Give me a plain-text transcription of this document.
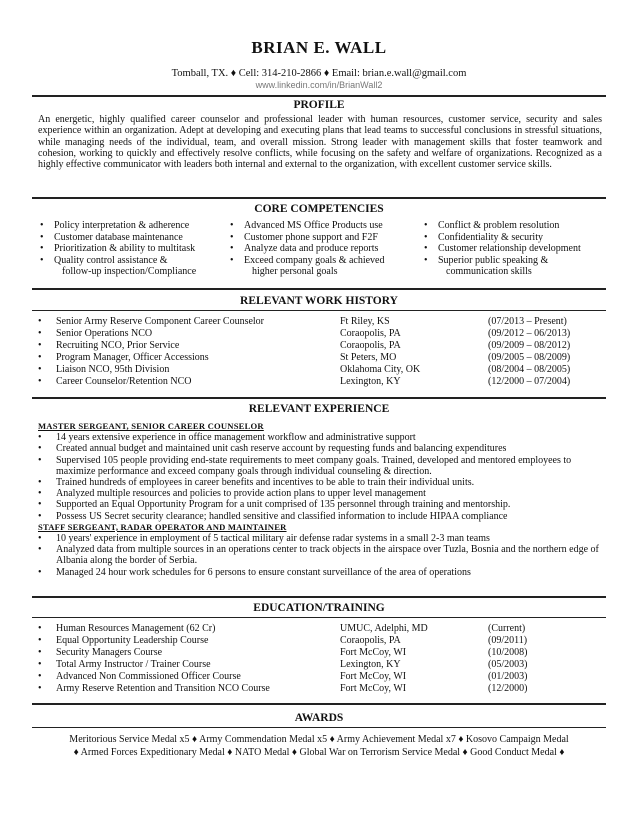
BRIAN E. WALL
Tomball, TX. ♦ Cell: 314-210-2866 ♦ Email: brian.e.wall@gmail.com
www.linkedin.com/in/BrianWall2
PROFILE
An energetic, highly qualified career counselor and professional leader with human resources, customer service, security and sales experience within an organization. Adept at developing and executing plans that lead teams to successful conclusions in stressful situations, while managing needs of the individual, team, and overall mission. Strong leader with management skills that foster teamwork and cohesion, working to quickly and effectively resolve conflicts, while focusing on the safety and welfare of organizations. Recognized as a highly effective communicator with leaders both internal and external to the organization, with excellent customer service skills.
CORE COMPETENCIES
• Policy interpretation & adherence
• Customer database maintenance
• Prioritization & ability to multitask
• Quality control assistance &
follow-up inspection/Compliance
• Advanced MS Office Products use
• Customer phone support and F2F
• Analyze data and produce reports
• Exceed company goals & achieved
higher personal goals
• Conflict & problem resolution
• Confidentiality & security
• Customer relationship development
• Superior public speaking &
communication skills
RELEVANT WORK HISTORY
• Senior Army Reserve Component Career Counselor	Ft Riley, KS	(07/2013 – Present)
• Senior Operations NCO	Coraopolis, PA	(09/2012 – 06/2013)
• Recruiting NCO, Prior Service	Coraopolis, PA	(09/2009 – 08/2012)
• Program Manager, Officer Accessions	St Peters, MO	(09/2005 – 08/2009)
• Liaison NCO, 95th Division	Oklahoma City, OK	(08/2004 – 08/2005)
• Career Counselor/Retention NCO	Lexington, KY	(12/2000 – 07/2004)
RELEVANT EXPERIENCE
MASTER SERGEANT, SENIOR CAREER COUNSELOR
• 14 years extensive experience in office management workflow and administrative support
• Created annual budget and maintained unit cash reserve account by requesting funds and balancing expenditures
• Supervised 105 people providing end-state requirements to meet company goals. Trained, developed and mentored employees to maximize performance and exceed company goals through individual counseling & direction.
• Trained hundreds of employees in career benefits and incentives to be able to train their individual units.
• Analyzed multiple resources and policies to provide action plans to upper level management
• Supported an Equal Opportunity Program for a unit comprised of 135 personnel through training and mentorship.
• Possess US Secret security clearance; handled sensitive and classified information to include HIPAA compliance
STAFF SERGEANT, RADAR OPERATOR AND MAINTAINER
• 10 years' experience in employment of 5 tactical military air defense radar systems in a small 2-3 man teams
• Analyzed data from multiple sources in an operations center to track objects in the airspace over Tuzla, Bosnia and the northern edge of Albania along the border of Serbia.
• Managed 24 hour work schedules for 6 persons to ensure constant surveillance of the area of operations
EDUCATION/TRAINING
• Human Resources Management (62 Cr)	UMUC, Adelphi, MD	(Current)
• Equal Opportunity Leadership Course	Coraopolis, PA	(09/2011)
• Security Managers Course	Fort McCoy, WI	(10/2008)
• Total Army Instructor / Trainer Course	Lexington, KY	(05/2003)
• Advanced Non Commissioned Officer Course	Fort McCoy, WI	(01/2003)
• Army Reserve Retention and Transition NCO Course	Fort McCoy, WI	(12/2000)
AWARDS
Meritorious Service Medal x5 ♦ Army Commendation Medal x5 ♦ Army Achievement Medal x7 ♦ Kosovo Campaign Medal
♦ Armed Forces Expeditionary Medal ♦ NATO Medal ♦ Global War on Terrorism Service Medal ♦ Good Conduct Medal ♦
